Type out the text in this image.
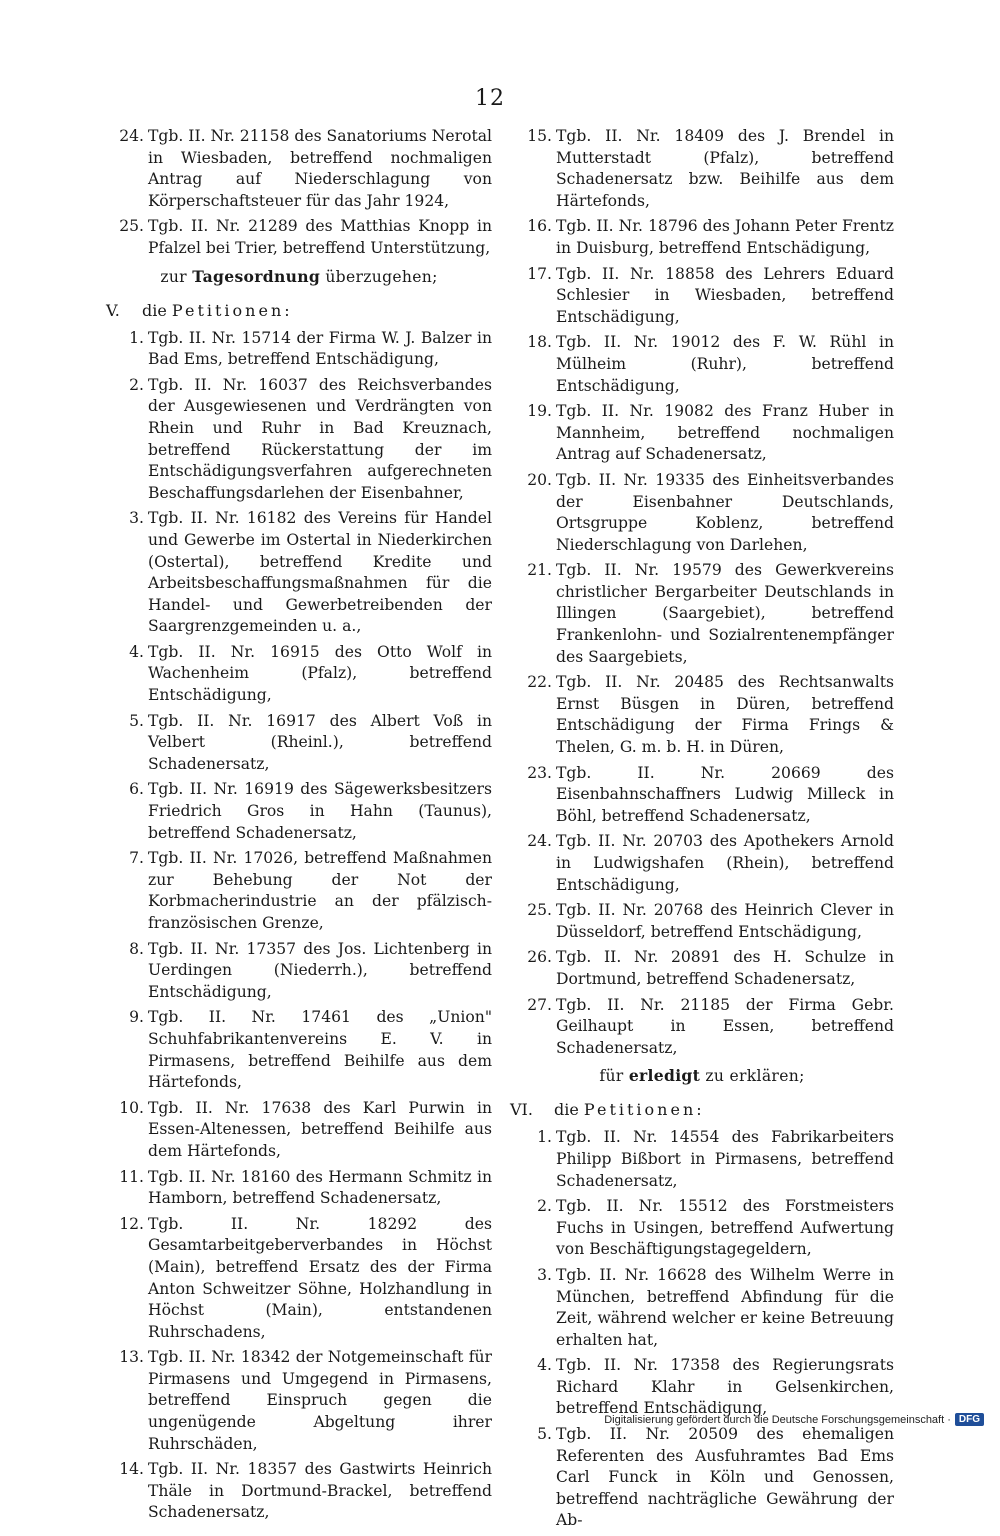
12
24. Tgb. II. Nr. 21158 des Sanatoriums Nerotal in Wiesbaden, betreffend nochmaligen Antrag auf Niederschlagung von Körperschaftsteuer für das Jahr 1924,
25. Tgb. II. Nr. 21289 des Matthias Knopp in Pfalzel bei Trier, betreffend Unterstützung,
zur Tagesordnung überzugehen;
V. die Petitionen:
1. Tgb. II. Nr. 15714 der Firma W. J. Balzer in Bad Ems, betreffend Entschädigung,
2. Tgb. II. Nr. 16037 des Reichsverbandes der Ausgewiesenen und Verdrängten von Rhein und Ruhr in Bad Kreuznach, betreffend Rückerstattung der im Entschädigungsverfahren aufgerechneten Beschaffungsdarlehen der Eisenbahner,
3. Tgb. II. Nr. 16182 des Vereins für Handel und Gewerbe im Ostertal in Niederkirchen (Ostertal), betreffend Kredite und Arbeitsbeschaffungsmaßnahmen für die Handel- und Gewerbetreibenden der Saargrenzgemeinden u. a.,
4. Tgb. II. Nr. 16915 des Otto Wolf in Wachenheim (Pfalz), betreffend Entschädigung,
5. Tgb. II. Nr. 16917 des Albert Voß in Velbert (Rheinl.), betreffend Schadenersatz,
6. Tgb. II. Nr. 16919 des Sägewerksbesitzers Friedrich Gros in Hahn (Taunus), betreffend Schadenersatz,
7. Tgb. II. Nr. 17026, betreffend Maßnahmen zur Behebung der Not der Korbmacherindustrie an der pfälzisch-französischen Grenze,
8. Tgb. II. Nr. 17357 des Jos. Lichtenberg in Uerdingen (Niederrh.), betreffend Entschädigung,
9. Tgb. II. Nr. 17461 des „Union" Schuhfabrikantenvereins E. V. in Pirmasens, betreffend Beihilfe aus dem Härtefonds,
10. Tgb. II. Nr. 17638 des Karl Purwin in Essen-Altenessen, betreffend Beihilfe aus dem Härtefonds,
11. Tgb. II. Nr. 18160 des Hermann Schmitz in Hamborn, betreffend Schadenersatz,
12. Tgb. II. Nr. 18292 des Gesamtarbeitgeberverbandes in Höchst (Main), betreffend Ersatz des der Firma Anton Schweitzer Söhne, Holzhandlung in Höchst (Main), entstandenen Ruhrschadens,
13. Tgb. II. Nr. 18342 der Notgemeinschaft für Pirmasens und Umgegend in Pirmasens, betreffend Einspruch gegen die ungenügende Abgeltung ihrer Ruhrschäden,
14. Tgb. II. Nr. 18357 des Gastwirts Heinrich Thäle in Dortmund-Brackel, betreffend Schadenersatz,
15. Tgb. II. Nr. 18409 des J. Brendel in Mutterstadt (Pfalz), betreffend Schadenersatz bzw. Beihilfe aus dem Härtefonds,
16. Tgb. II. Nr. 18796 des Johann Peter Frentz in Duisburg, betreffend Entschädigung,
17. Tgb. II. Nr. 18858 des Lehrers Eduard Schlesier in Wiesbaden, betreffend Entschädigung,
18. Tgb. II. Nr. 19012 des F. W. Rühl in Mülheim (Ruhr), betreffend Entschädigung,
19. Tgb. II. Nr. 19082 des Franz Huber in Mannheim, betreffend nochmaligen Antrag auf Schadenersatz,
20. Tgb. II. Nr. 19335 des Einheitsverbandes der Eisenbahner Deutschlands, Ortsgruppe Koblenz, betreffend Niederschlagung von Darlehen,
21. Tgb. II. Nr. 19579 des Gewerkvereins christlicher Bergarbeiter Deutschlands in Illingen (Saargebiet), betreffend Frankenlohn- und Sozialrentenempfänger des Saargebiets,
22. Tgb. II. Nr. 20485 des Rechtsanwalts Ernst Büsgen in Düren, betreffend Entschädigung der Firma Frings & Thelen, G. m. b. H. in Düren,
23. Tgb. II. Nr. 20669 des Eisenbahnschaffners Ludwig Milleck in Böhl, betreffend Schadenersatz,
24. Tgb. II. Nr. 20703 des Apothekers Arnold in Ludwigshafen (Rhein), betreffend Entschädigung,
25. Tgb. II. Nr. 20768 des Heinrich Clever in Düsseldorf, betreffend Entschädigung,
26. Tgb. II. Nr. 20891 des H. Schulze in Dortmund, betreffend Schadenersatz,
27. Tgb. II. Nr. 21185 der Firma Gebr. Geilhaupt in Essen, betreffend Schadenersatz,
für erledigt zu erklären;
VI. die Petitionen:
1. Tgb. II. Nr. 14554 des Fabrikarbeiters Philipp Bißbort in Pirmasens, betreffend Schadenersatz,
2. Tgb. II. Nr. 15512 des Forstmeisters Fuchs in Usingen, betreffend Aufwertung von Beschäftigungstagegeldern,
3. Tgb. II. Nr. 16628 des Wilhelm Werre in München, betreffend Abfindung für die Zeit, während welcher er keine Betreuung erhalten hat,
4. Tgb. II. Nr. 17358 des Regierungsrats Richard Klahr in Gelsenkirchen, betreffend Entschädigung,
5. Tgb. II. Nr. 20509 des ehemaligen Referenten des Ausfuhramtes Bad Ems Carl Funck in Köln und Genossen, betreffend nachträgliche Gewährung der Ab-
Digitalisierung gefördert durch die Deutsche Forschungsgemeinschaft · DFG
